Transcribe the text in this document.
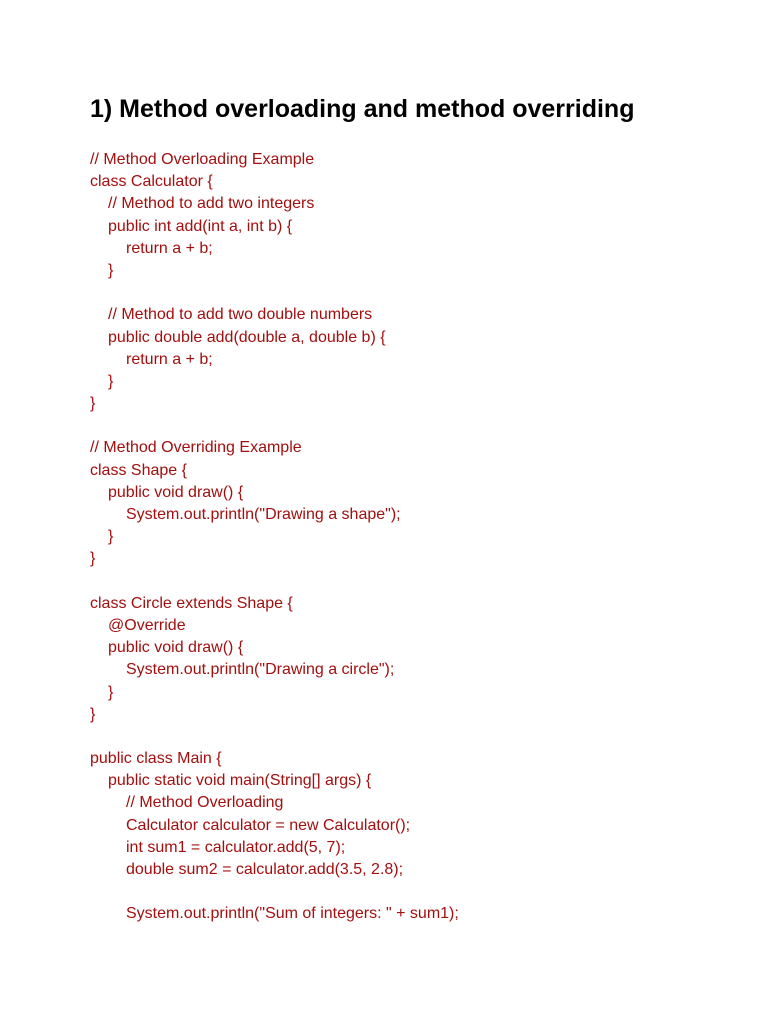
1) Method overloading and method overriding
// Method Overloading Example
class Calculator {
// Method to add two integers
public int add(int a, int b) {
return a + b;
}
// Method to add two double numbers
public double add(double a, double b) {
return a + b;
}
}
// Method Overriding Example
class Shape {
public void draw() {
System.out.println("Drawing a shape");
}
}
class Circle extends Shape {
@Override
public void draw() {
System.out.println("Drawing a circle");
}
}
public class Main {
public static void main(String[] args) {
// Method Overloading
Calculator calculator = new Calculator();
int sum1 = calculator.add(5, 7);
double sum2 = calculator.add(3.5, 2.8);
System.out.println("Sum of integers: " + sum1);
